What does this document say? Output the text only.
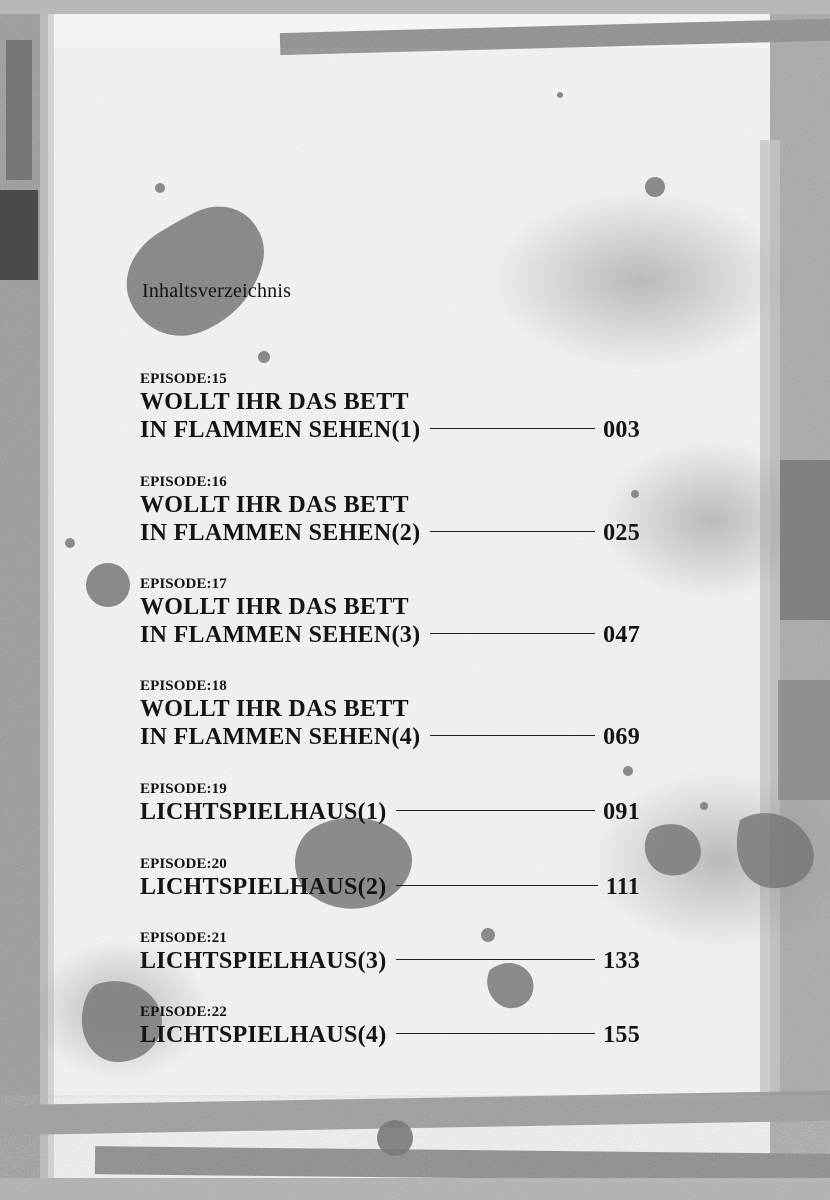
Inhaltsverzeichnis
EPISODE:15
WOLLT IHR DAS BETT
IN FLAMMEN SEHEN(1)	003
EPISODE:16
WOLLT IHR DAS BETT
IN FLAMMEN SEHEN(2)	025
EPISODE:17
WOLLT IHR DAS BETT
IN FLAMMEN SEHEN(3)	047
EPISODE:18
WOLLT IHR DAS BETT
IN FLAMMEN SEHEN(4)	069
EPISODE:19
LICHTSPIELHAUS(1)	091
EPISODE:20
LICHTSPIELHAUS(2)	111
EPISODE:21
LICHTSPIELHAUS(3)	133
EPISODE:22
LICHTSPIELHAUS(4)	155
